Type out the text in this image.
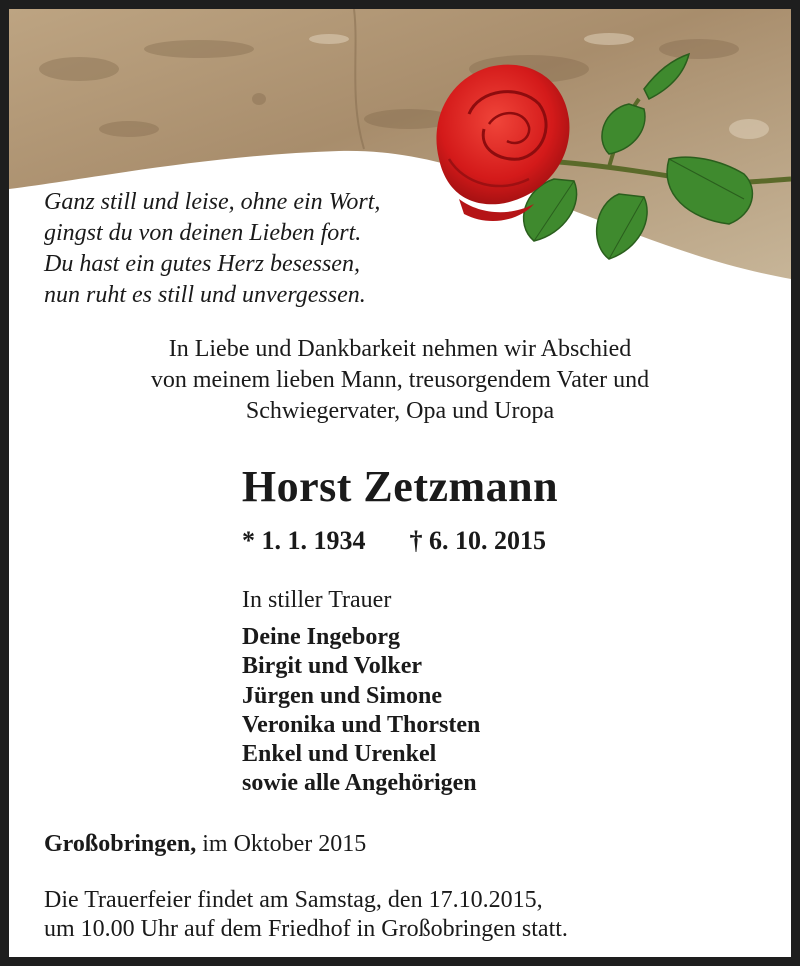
Ganz still und leise, ohne ein Wort,
gingst du von deinen Lieben fort.
Du hast ein gutes Herz besessen,
nun ruht es still und unvergessen.
In Liebe und Dankbarkeit nehmen wir Abschied
von meinem lieben Mann, treusorgendem Vater und
Schwiegervater, Opa und Uropa
Horst Zetzmann
* 1. 1. 1934 † 6. 10. 2015
In stiller Trauer
Deine Ingeborg
Birgit und Volker
Jürgen und Simone
Veronika und Thorsten
Enkel und Urenkel
sowie alle Angehörigen
Großobringen, im Oktober 2015
Die Trauerfeier findet am Samstag, den 17.10.2015,
um 10.00 Uhr auf dem Friedhof in Großobringen statt.
